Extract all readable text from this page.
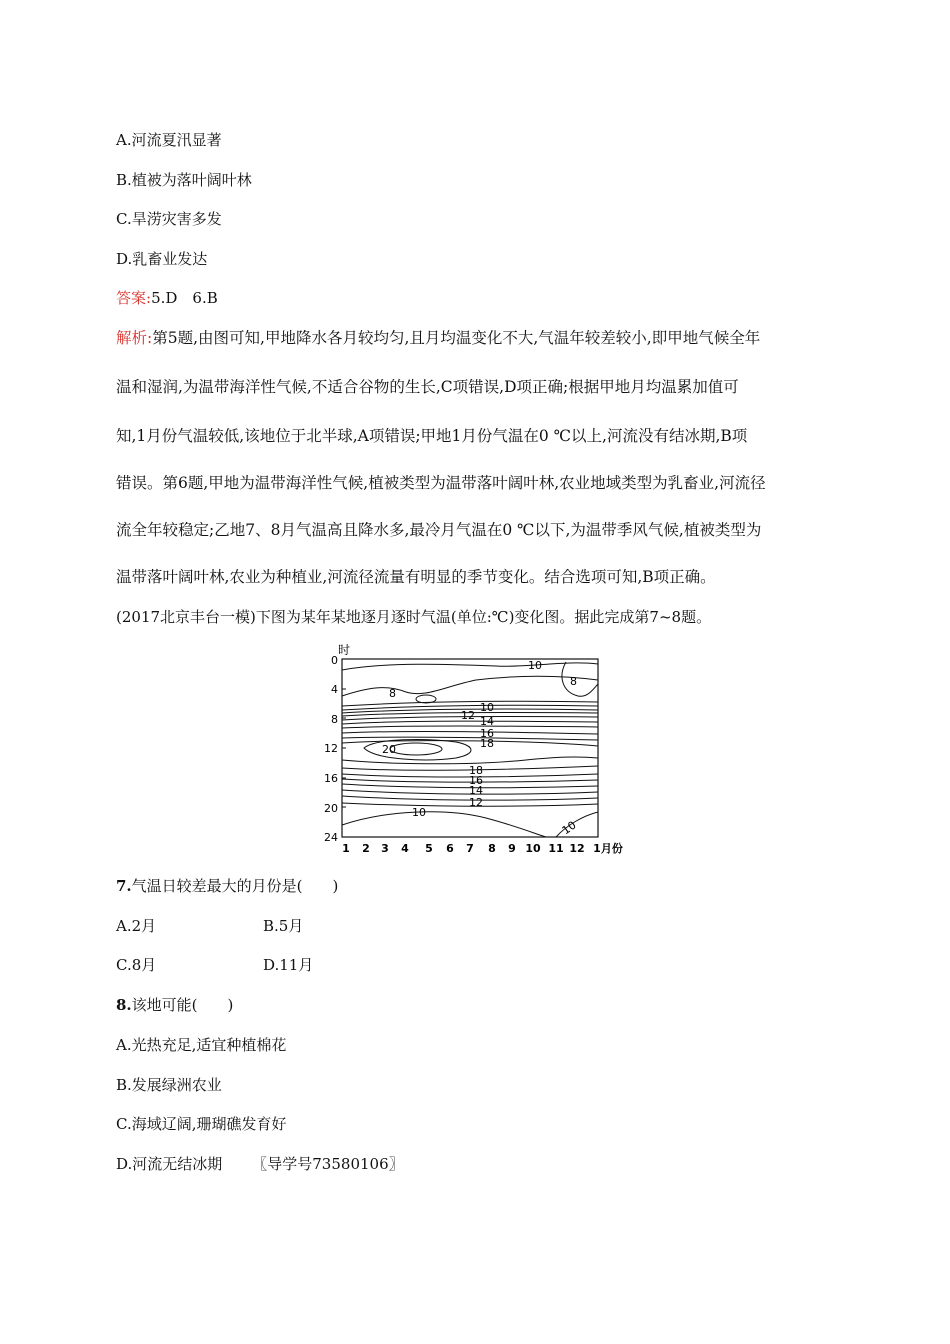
A.河流夏汛显著
B.植被为落叶阔叶林
C.旱涝灾害多发
D.乳畜业发达
答案:5.D　6.B
解析:第5题,由图可知,甲地降水各月较均匀,且月均温变化不大,气温年较差较小,即甲地气候全年
温和湿润,为温带海洋性气候,不适合谷物的生长,C项错误,D项正确;根据甲地月均温累加值可
知,1月份气温较低,该地位于北半球,A项错误;甲地1月份气温在0 ℃以上,河流没有结冰期,B项
错误。第6题,甲地为温带海洋性气候,植被类型为温带落叶阔叶林,农业地域类型为乳畜业,河流径
流全年较稳定;乙地7、8月气温高且降水多,最冷月气温在0 ℃以下,为温带季风气候,植被类型为
温带落叶阔叶林,农业为种植业,河流径流量有明显的季节变化。结合选项可知,B项正确。
(2017北京丰台一模)下图为某年某地逐月逐时气温(单位:℃)变化图。据此完成第7~8题。
时
0
4
8
12
16
20
24
1 2 3 4 5 6 7 8 9 10 11 12 1月份
8
10
8
10
12 14
16
18
20
18
16
14
12
10
10
7.气温日较差最大的月份是(　　)
A.2月	B.5月
C.8月	D.11月
8.该地可能(　　)
A.光热充足,适宜种植棉花
B.发展绿洲农业
C.海域辽阔,珊瑚礁发育好
D.河流无结冰期 〖导学号73580106〗
